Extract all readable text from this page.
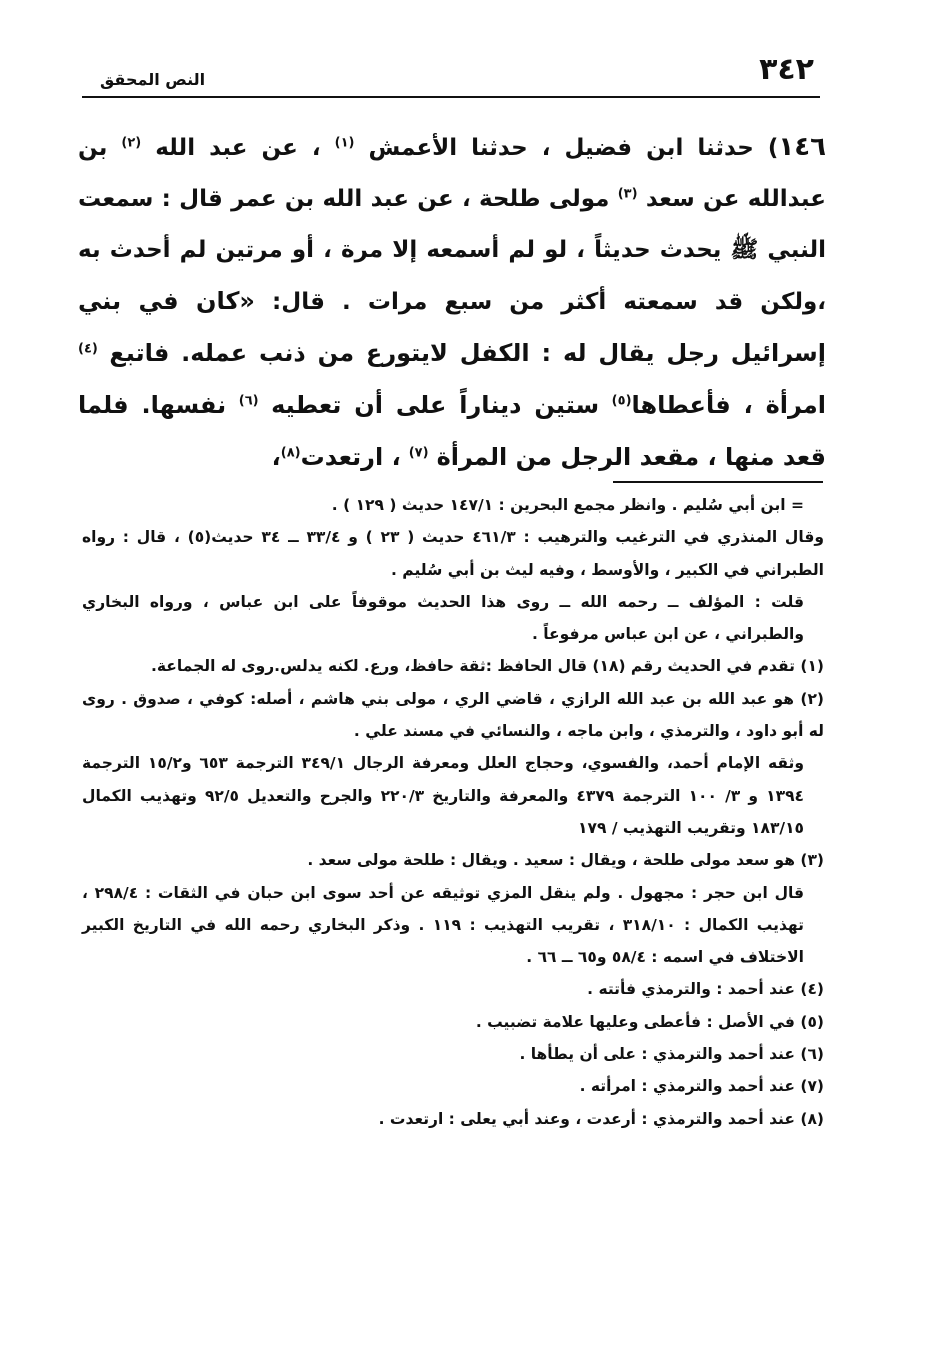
٣٤٢
النص المحقق
١٤٦) حدثنا ابن فضيل ، حدثنا الأعمش $^{(١)}$ ، عن عبد الله $^{(٢)}$ بن عبدالله عن سعد $^{(٣)}$ مولى طلحة ، عن عبد الله بن عمر قال : سمعت النبي ﷺ يحدث حديثاً ، لو لم أسمعه إلا مرة ، أو مرتين لم أحدث به ،ولكن قد سمعته أكثر من سبع مرات . قال: «كان في بني إسرائيل رجل يقال له : الكفل لايتورع من ذنب عمله. فاتبع $^{(٤)}$ امرأة ، فأعطاها$^{(٥)}$ ستين ديناراً على أن تعطيه $^{(٦)}$ نفسها. فلما قعد منها ، مقعد الرجل من المرأة $^{(٧)}$ ، ارتعدت$^{(٨)}$،

= ابن أبي سُليم . وانظر مجمع البحرين : ١٤٧/١ حديث ( ١٢٩ ) .

وقال المنذري في الترغيب والترهيب : ٤٦١/٣ حديث ( ٢٣ ) و ٣٣/٤ ــ ٣٤ حديث(٥) ، قال : رواه الطبراني في الكبير ، والأوسط ، وفيه ليث بن أبي سُليم .

قلت : المؤلف ــ رحمه الله ــ روى هذا الحديث موقوفاً على ابن عباس ، ورواه البخاري والطبراني ، عن ابن عباس مرفوعاً .

(١) تقدم في الحديث رقم (١٨) قال الحافظ :ثقة حافظ، ورع. لكنه يدلس.روى له الجماعة.

(٢) هو عبد الله بن عبد الله الرازي ، قاضي الري ، مولى بني هاشم ، أصله: كوفي ، صدوق . روى له أبو داود ، والترمذي ، وابن ماجه ، والنسائي في مسند علي .

وثقه الإمام أحمد، والفسوي، وحجاج العلل ومعرفة الرجال ٣٤٩/١ الترجمة ٦٥٣ و١٥/٢ الترجمة ١٣٩٤ و ٣/ ١٠٠ الترجمة ٤٣٧٩ والمعرفة والتاريخ ٢٢٠/٣ والجرح والتعديل ٩٢/٥ وتهذيب الكمال ١٨٣/١٥ وتقريب التهذيب / ١٧٩

(٣) هو سعد مولى طلحة ، ويقال : سعيد . ويقال : طلحة مولى سعد .

قال ابن حجر : مجهول . ولم ينقل المزي توثيقه عن أحد سوى ابن حبان في الثقات : ٢٩٨/٤ ، تهذيب الكمال : ٣١٨/١٠ ، تقريب التهذيب : ١١٩ . وذكر البخاري رحمه الله في التاريخ الكبير الاختلاف في اسمه : ٥٨/٤ و٦٥ ــ ٦٦ .

(٤) عند أحمد : والترمذي فأتته .

(٥) في الأصل : فأعطى وعليها علامة تضبيب .

(٦) عند أحمد والترمذي : على أن يطأها .

(٧) عند أحمد والترمذي : امرأته .

(٨) عند أحمد والترمذي : أرعدت ، وعند أبي يعلى : ارتعدت .
